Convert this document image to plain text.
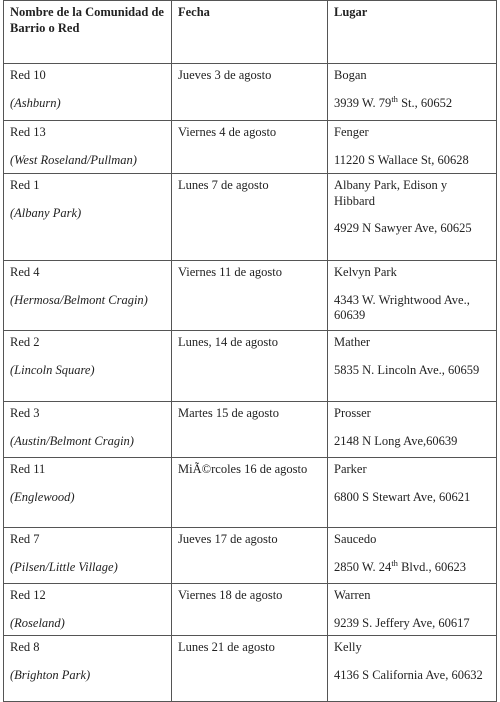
Nombre de la Comunidad de Barrio o Red	Fecha	Lugar

Red 10
(Ashburn)	Jueves 3 de agosto	Bogan
3939 W. 79th St., 60652

Red 13
(West Roseland/Pullman)	Viernes 4 de agosto	Fenger
11220 S Wallace St, 60628

Red 1
(Albany Park)	Lunes 7 de agosto	Albany Park, Edison y Hibbard
4929 N Sawyer Ave, 60625

Red 4
(Hermosa/Belmont Cragin)	Viernes 11 de agosto	Kelvyn Park
4343 W. Wrightwood Ave., 60639

Red 2
(Lincoln Square)	Lunes, 14 de agosto	Mather
5835 N. Lincoln Ave., 60659

Red 3
(Austin/Belmont Cragin)	Martes 15 de agosto	Prosser
2148 N Long Ave,60639

Red 11
(Englewood)	MiÃ©rcoles 16 de agosto	Parker
6800 S Stewart Ave, 60621

Red 7
(Pilsen/Little Village)	Jueves 17 de agosto	Saucedo
2850 W. 24th Blvd., 60623

Red 12
(Roseland)	Viernes 18 de agosto	Warren
9239 S. Jeffery Ave, 60617

Red 8
(Brighton Park)	Lunes 21 de agosto	Kelly
4136 S California Ave, 60632
